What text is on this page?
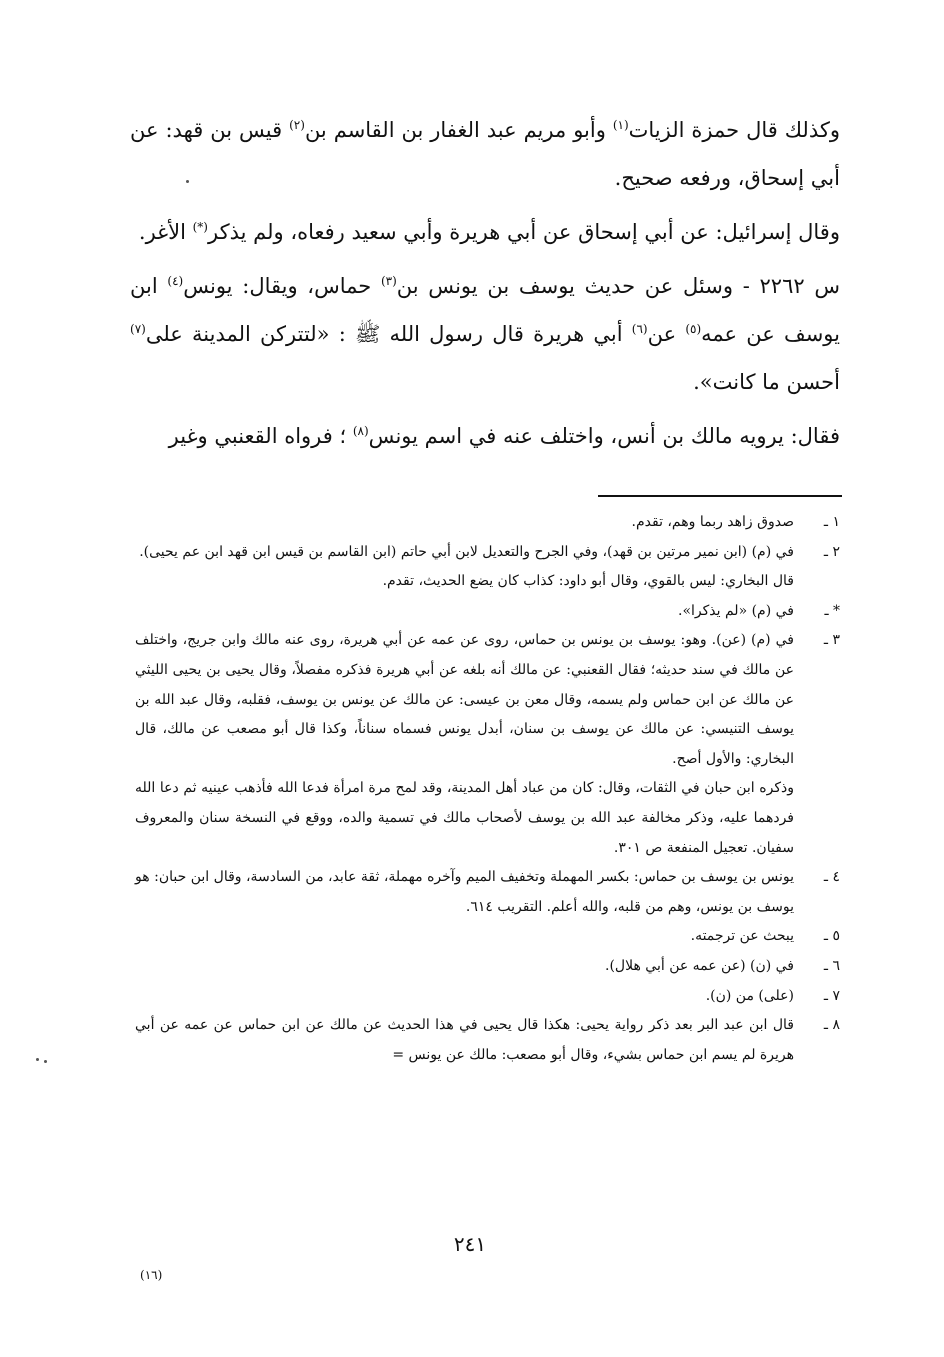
وكذلك قال حمزة الزيات$^{(١)}$ وأبو مريم عبد الغفار بن القاسم بن$^{(٢)}$ قيس بن قهد: عن أبي إسحاق، ورفعه صحيح.

وقال إسرائيل: عن أبي إسحاق عن أبي هريرة وأبي سعيد رفعاه، ولم يذكر(*) الأغر.

س ٢٢٦٢ - وسئل عن حديث يوسف بن يونس بن$^{(٣)}$ حماس، ويقال: يونس$^{(٤)}$ ابن يوسف عن عمه$^{(٥)}$ عن$^{(٦)}$ أبي هريرة قال رسول الله ﷺ : «لتتركن المدينة على$^{(٧)}$ أحسن ما كانت».

فقال: يرويه مالك بن أنس، واختلف عنه في اسم يونس$^{(٨)}$ ؛ فرواه القعنبي وغير

١ ـ
صدوق زاهد ربما وهم، تقدم.
٢ ـ
في (م) (ابن نمير مرتين بن قهد)، وفي الجرح والتعديل لابن أبي حاتم (ابن القاسم بن قيس ابن قهد ابن عم يحيى).
قال البخاري: ليس بالقوي، وقال أبو داود: كذاب كان يضع الحديث، تقدم.
* ـ
في (م) «لم يذكرا».
٣ ـ
في (م) (عن). وهو: يوسف بن يونس بن حماس، روى عن عمه عن أبي هريرة، روى عنه مالك وابن جريج، واختلف عن مالك في سند حديثه؛ فقال القعنبي: عن مالك أنه بلغه عن أبي هريرة فذكره مفصلاً، وقال يحيى بن يحيى الليثي عن مالك عن ابن حماس ولم يسمه، وقال معن بن عيسى: عن مالك عن يونس بن يوسف، فقلبه، وقال عبد الله بن يوسف التنيسي: عن مالك عن يوسف بن سنان، أبدل يونس فسماه سناناً، وكذا قال أبو مصعب عن مالك، قال البخاري: والأول أصح.
وذكره ابن حبان في الثقات، وقال: كان من عباد أهل المدينة، وقد لمح مرة امرأة فدعا الله فأذهب عينيه ثم دعا الله فردهما عليه، وذكر مخالفة عبد الله بن يوسف لأصحاب مالك في تسمية والده، ووقع في النسخة سنان والمعروف سفيان. تعجيل المنفعة ص ٣٠١.
٤ ـ
يونس بن يوسف بن حماس: بكسر المهملة وتخفيف الميم وآخره مهملة، ثقة عابد، من السادسة، وقال ابن حبان: هو يوسف بن يونس، وهم من قلبه، والله أعلم. التقريب ٦١٤.
٥ ـ
يبحث عن ترجمته.
٦ ـ
في (ن) (عن عمه عن أبي هلال).
٧ ـ
(على) من (ن).
٨ ـ
قال ابن عبد البر بعد ذكر رواية يحيى: هكذا قال يحيى في هذا الحديث عن مالك عن ابن حماس عن عمه عن أبي هريرة لم يسم ابن حماس بشيء، وقال أبو مصعب: مالك عن يونس =
٢٤١
(١٦)
